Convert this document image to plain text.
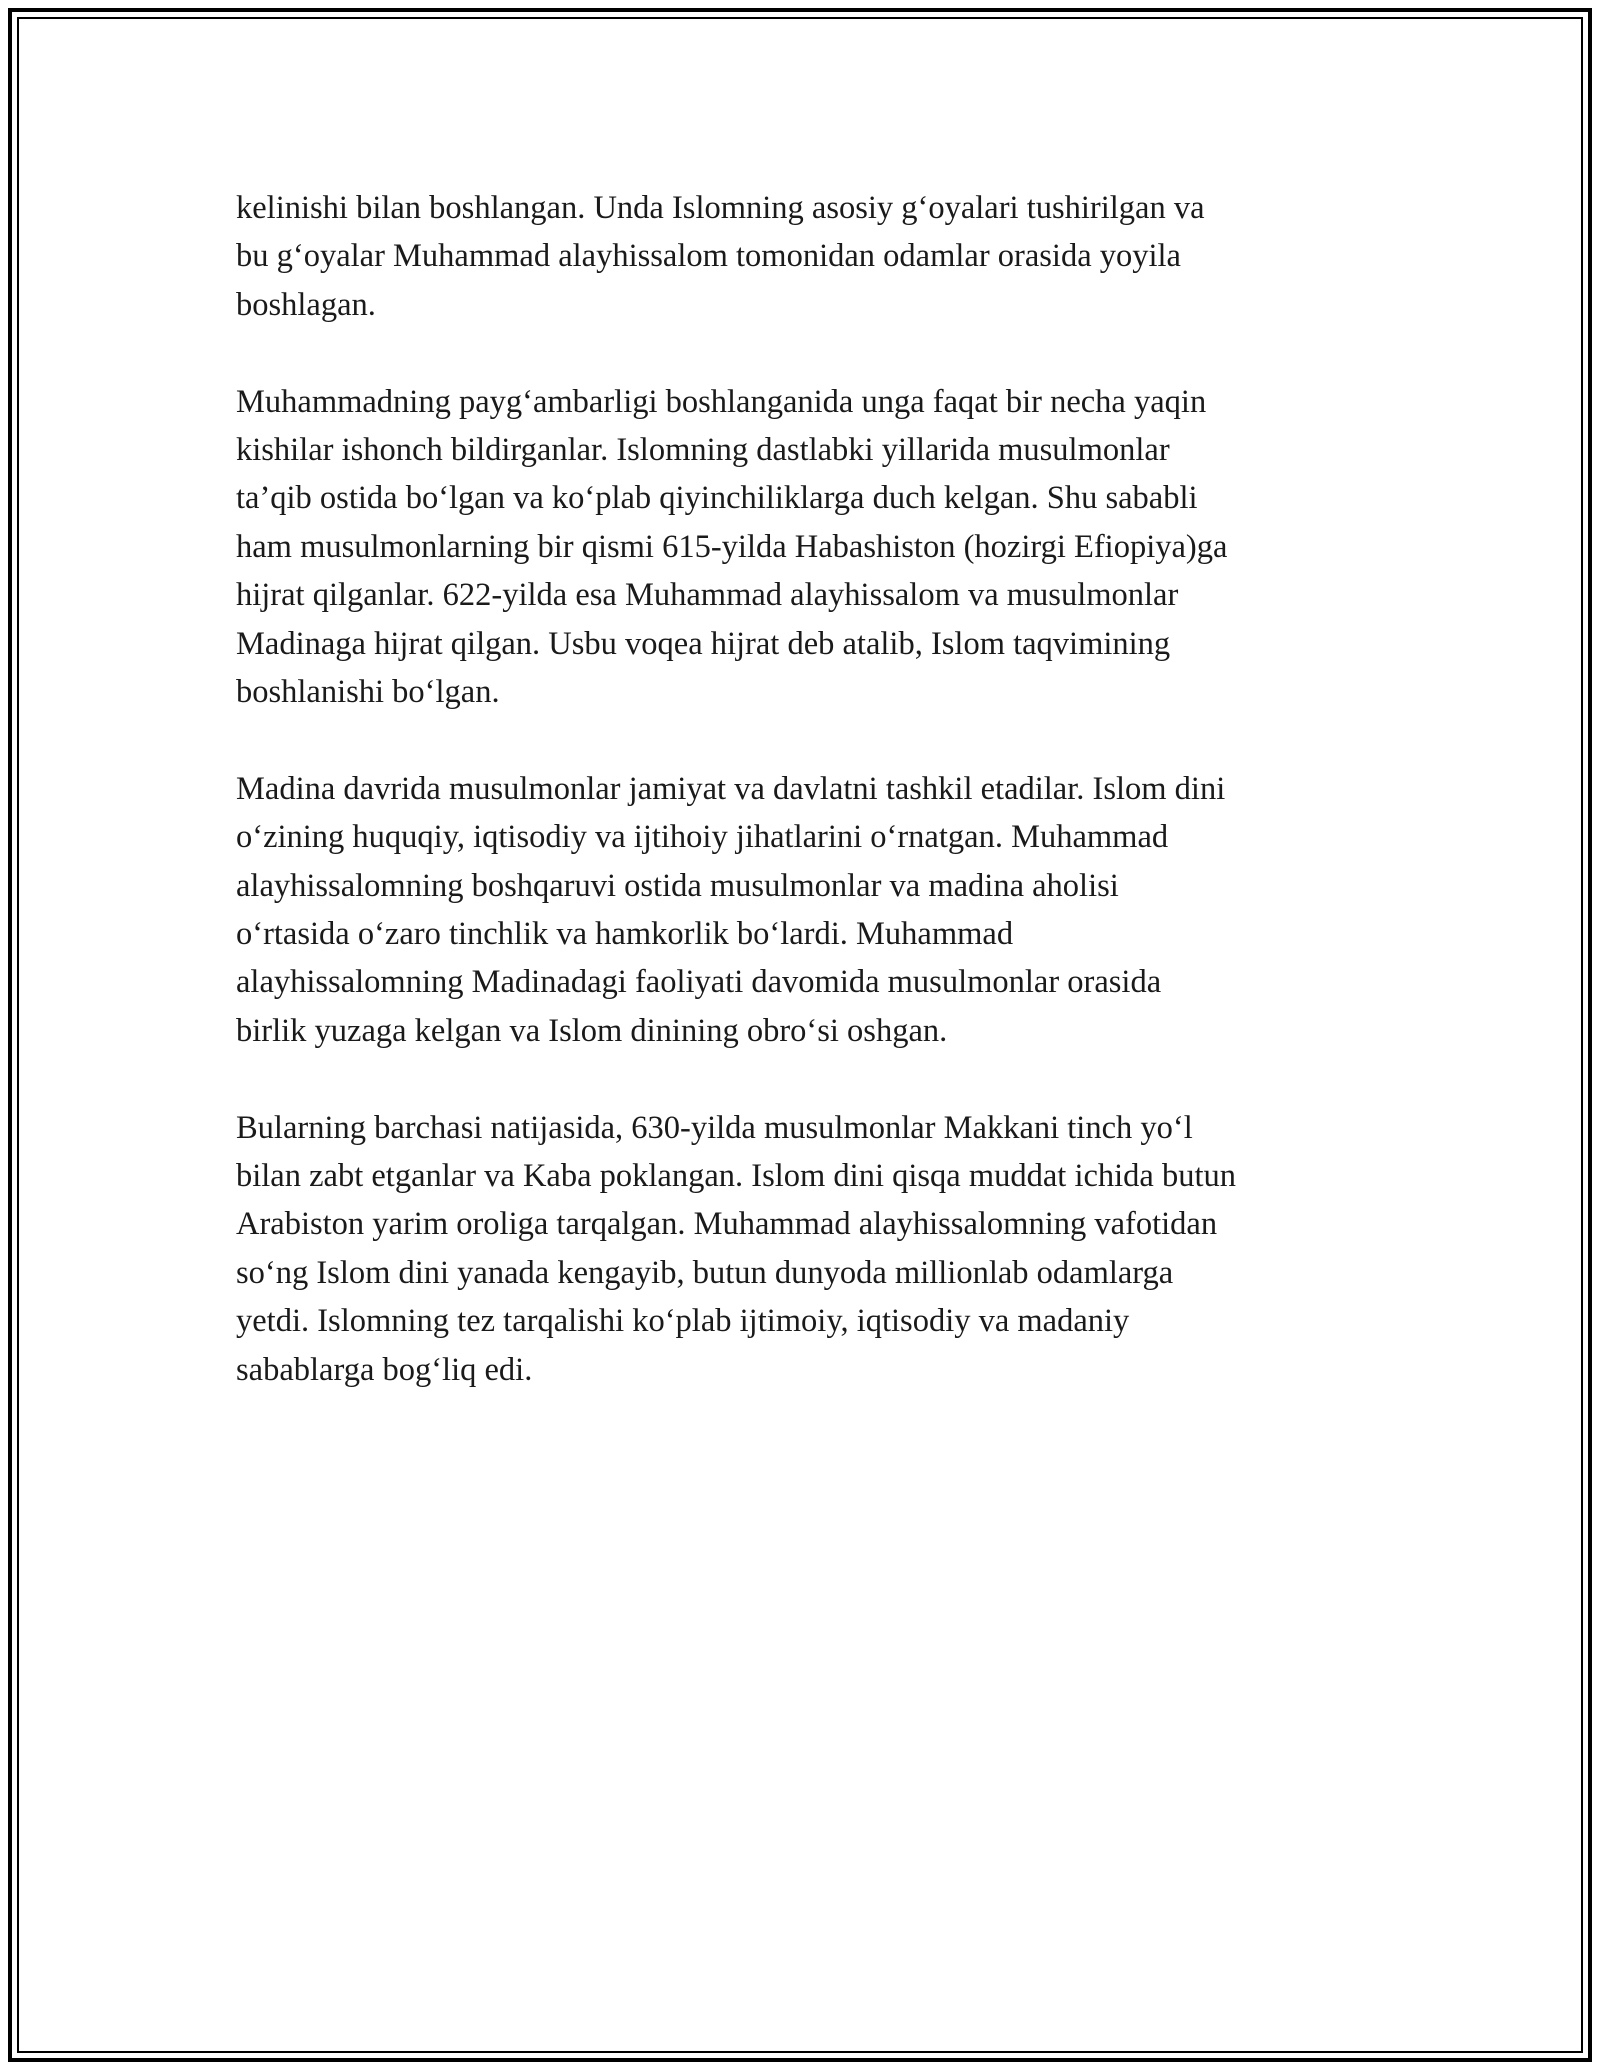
kelinishi bilan boshlangan. Unda Islomning asosiy g‘oyalari tushirilgan va
bu g‘oyalar Muhammad alayhissalom tomonidan odamlar orasida yoyila
boshlagan.

Muhammadning payg‘ambarligi boshlanganida unga faqat bir necha yaqin
kishilar ishonch bildirganlar. Islomning dastlabki yillarida musulmonlar
ta’qib ostida bo‘lgan va ko‘plab qiyinchiliklarga duch kelgan. Shu sababli
ham musulmonlarning bir qismi 615-yilda Habashiston (hozirgi Efiopiya)ga
hijrat qilganlar. 622-yilda esa Muhammad alayhissalom va musulmonlar
Madinaga hijrat qilgan. Usbu voqea hijrat deb atalib, Islom taqvimining
boshlanishi bo‘lgan.

Madina davrida musulmonlar jamiyat va davlatni tashkil etadilar. Islom dini
o‘zining huquqiy, iqtisodiy va ijtihoiy jihatlarini o‘rnatgan. Muhammad
alayhissalomning boshqaruvi ostida musulmonlar va madina aholisi
o‘rtasida o‘zaro tinchlik va hamkorlik bo‘lardi. Muhammad
alayhissalomning Madinadagi faoliyati davomida musulmonlar orasida
birlik yuzaga kelgan va Islom dinining obro‘si oshgan.

Bularning barchasi natijasida, 630-yilda musulmonlar Makkani tinch yo‘l
bilan zabt etganlar va Kaba poklangan. Islom dini qisqa muddat ichida butun
Arabiston yarim oroliga tarqalgan. Muhammad alayhissalomning vafotidan
so‘ng Islom dini yanada kengayib, butun dunyoda millionlab odamlarga
yetdi. Islomning tez tarqalishi ko‘plab ijtimoiy, iqtisodiy va madaniy
sabablarga bog‘liq edi.
